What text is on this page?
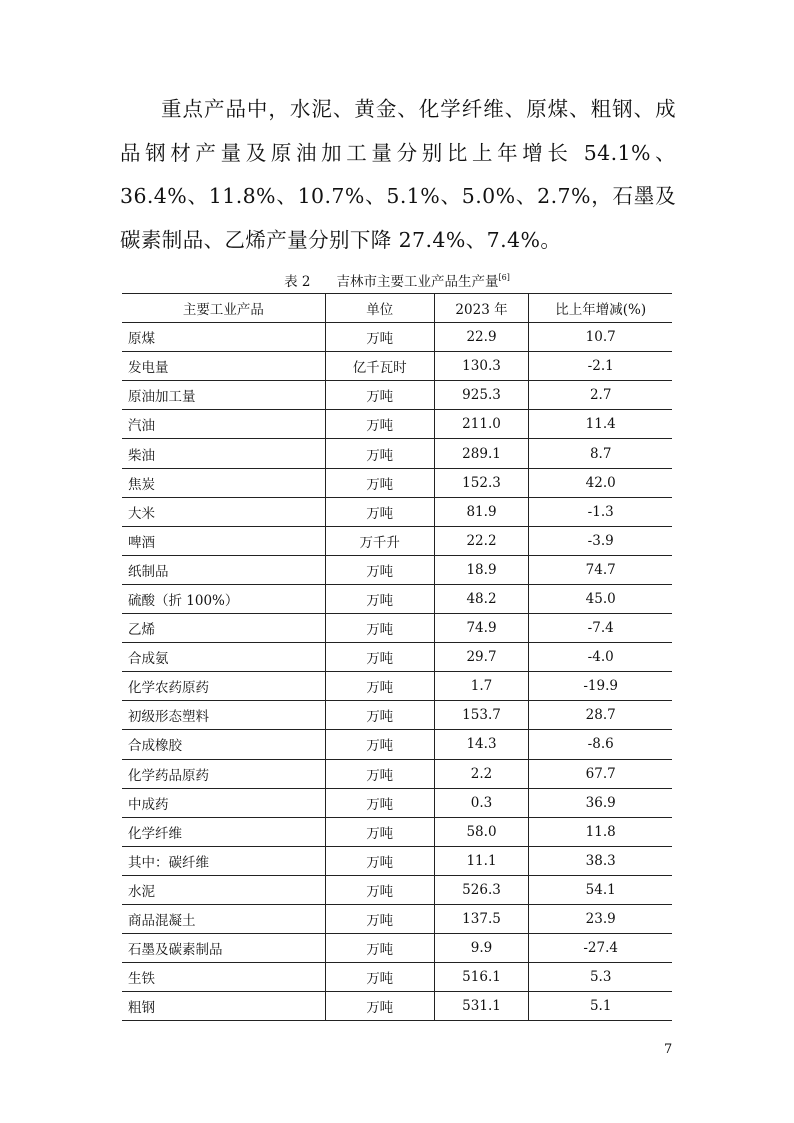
重点产品中，水泥、黄金、化学纤维、原煤、粗钢、成品钢材产量及原油加工量分别比上年增长 54.1%、36.4%、11.8%、10.7%、5.1%、5.0%、2.7%，石墨及碳素制品、乙烯产量分别下降 27.4%、7.4%。

表 2 吉林市主要工业产品生产量[6]

主要工业产品	单位	2023 年	比上年增减(%)
原煤	万吨	22.9	10.7
发电量	亿千瓦时	130.3	-2.1
原油加工量	万吨	925.3	2.7
汽油	万吨	211.0	11.4
柴油	万吨	289.1	8.7
焦炭	万吨	152.3	42.0
大米	万吨	81.9	-1.3
啤酒	万千升	22.2	-3.9
纸制品	万吨	18.9	74.7
硫酸（折 100%）	万吨	48.2	45.0
乙烯	万吨	74.9	-7.4
合成氨	万吨	29.7	-4.0
化学农药原药	万吨	1.7	-19.9
初级形态塑料	万吨	153.7	28.7
合成橡胶	万吨	14.3	-8.6
化学药品原药	万吨	2.2	67.7
中成药	万吨	0.3	36.9
化学纤维	万吨	58.0	11.8
其中：碳纤维	万吨	11.1	38.3
水泥	万吨	526.3	54.1
商品混凝土	万吨	137.5	23.9
石墨及碳素制品	万吨	9.9	-27.4
生铁	万吨	516.1	5.3
粗钢	万吨	531.1	5.1

7
